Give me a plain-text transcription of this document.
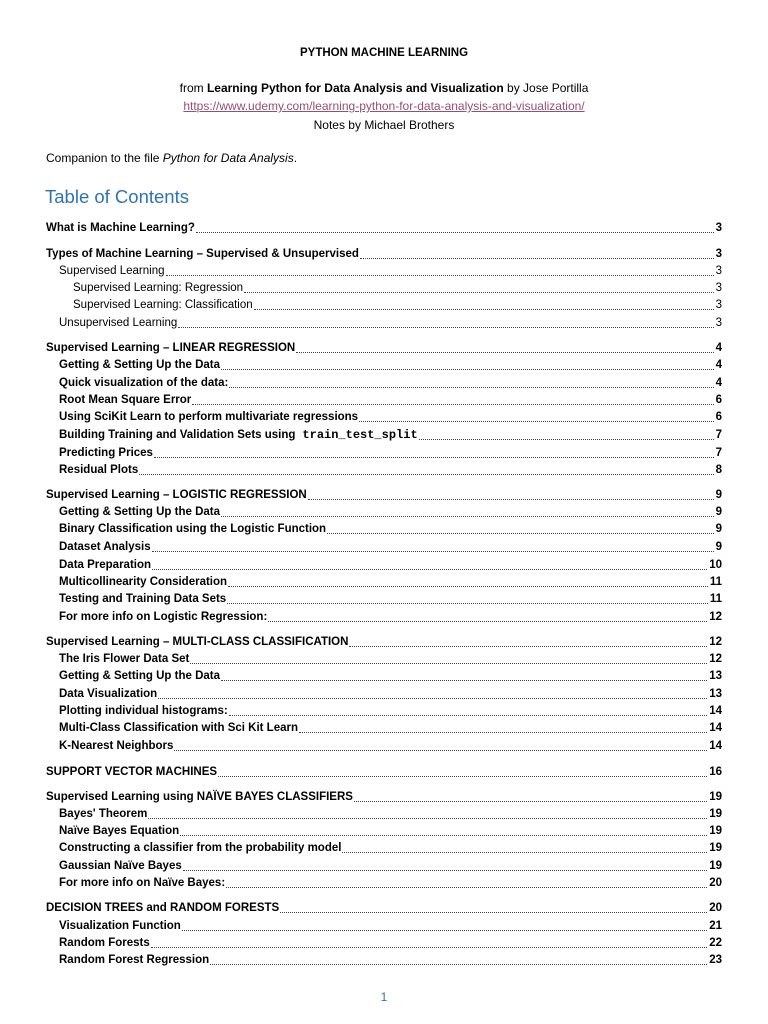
PYTHON MACHINE LEARNING
from Learning Python for Data Analysis and Visualization by Jose Portilla
https://www.udemy.com/learning-python-for-data-analysis-and-visualization/
Notes by Michael Brothers
Companion to the file Python for Data Analysis.
Table of Contents
What is Machine Learning?	3
Types of Machine Learning – Supervised & Unsupervised	3
Supervised Learning	3
Supervised Learning: Regression	3
Supervised Learning: Classification	3
Unsupervised Learning	3
Supervised Learning – LINEAR REGRESSION	4
Getting & Setting Up the Data	4
Quick visualization of the data:	4
Root Mean Square Error	6
Using SciKit Learn to perform multivariate regressions	6
Building Training and Validation Sets using train_test_split	7
Predicting Prices	7
Residual Plots	8
Supervised Learning – LOGISTIC REGRESSION	9
Getting & Setting Up the Data	9
Binary Classification using the Logistic Function	9
Dataset Analysis	9
Data Preparation	10
Multicollinearity Consideration	11
Testing and Training Data Sets	11
For more info on Logistic Regression:	12
Supervised Learning – MULTI-CLASS CLASSIFICATION	12
The Iris Flower Data Set	12
Getting & Setting Up the Data	13
Data Visualization	13
Plotting individual histograms:	14
Multi-Class Classification with Sci Kit Learn	14
K-Nearest Neighbors	14
SUPPORT VECTOR MACHINES	16
Supervised Learning using NAÏVE BAYES CLASSIFIERS	19
Bayes' Theorem	19
Naïve Bayes Equation	19
Constructing a classifier from the probability model	19
Gaussian Naïve Bayes	19
For more info on Naïve Bayes:	20
DECISION TREES and RANDOM FORESTS	20
Visualization Function	21
Random Forests	22
Random Forest Regression	23
1
